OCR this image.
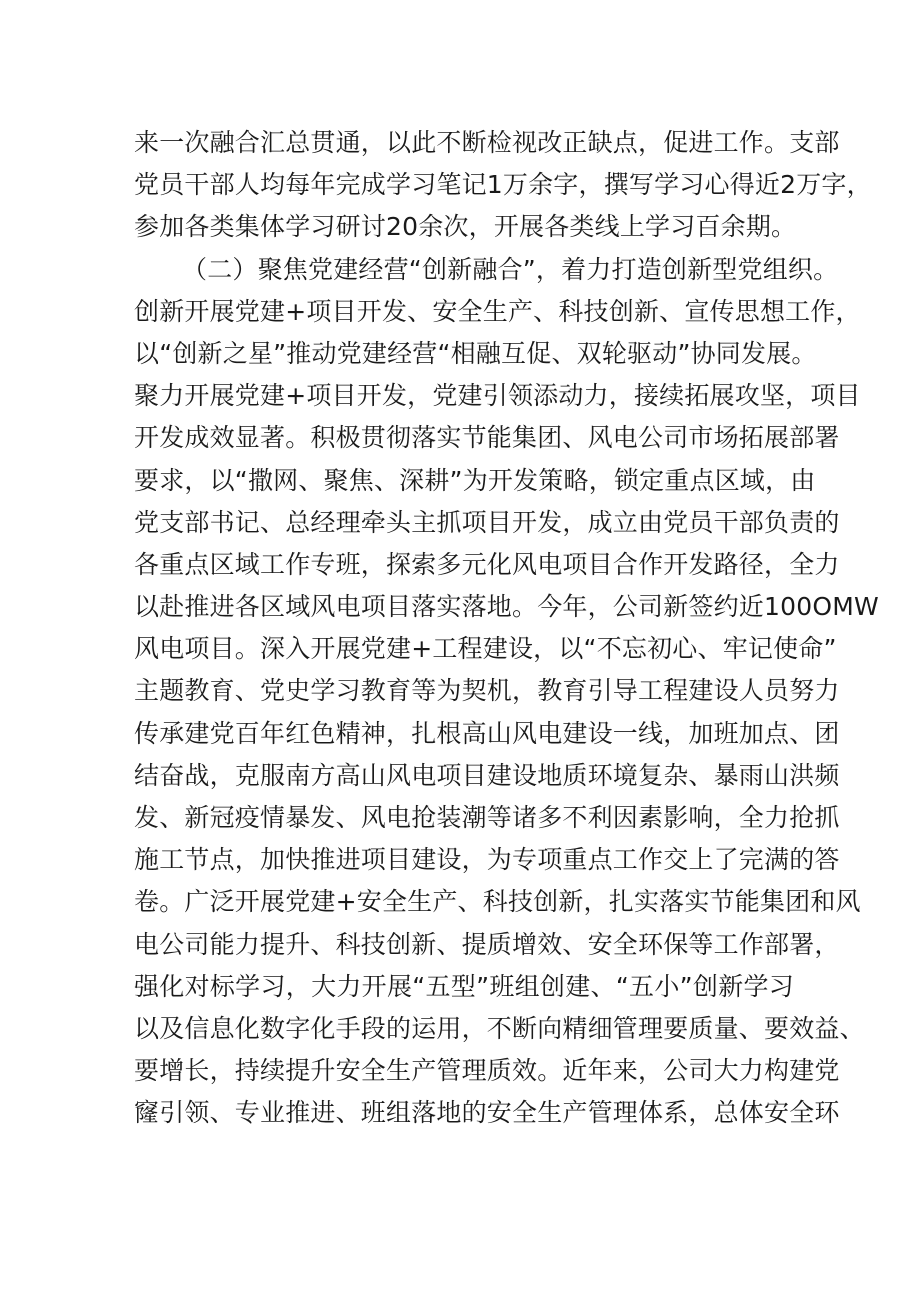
来一次融合汇总贯通，以此不断检视改正缺点，促进工作。支部
党员干部人均每年完成学习笔记1万余字，撰写学习心得近2万字，
参加各类集体学习研讨20余次，开展各类线上学习百余期。
（二）聚焦党建经营“创新融合”，着力打造创新型党组织。
创新开展党建+项目开发、安全生产、科技创新、宣传思想工作，
以“创新之星”推动党建经营“相融互促、双轮驱动”协同发展。
聚力开展党建+项目开发，党建引领添动力，接续拓展攻坚，项目
开发成效显著。积极贯彻落实节能集团、风电公司市场拓展部署
要求，以“撒网、聚焦、深耕”为开发策略，锁定重点区域，由
党支部书记、总经理牵头主抓项目开发，成立由党员干部负责的
各重点区域工作专班，探索多元化风电项目合作开发路径，全力
以赴推进各区域风电项目落实落地。今年，公司新签约近100OMW
风电项目。深入开展党建+工程建设，以“不忘初心、牢记使命”
主题教育、党史学习教育等为契机，教育引导工程建设人员努力
传承建党百年红色精神，扎根高山风电建设一线，加班加点、团
结奋战，克服南方高山风电项目建设地质环境复杂、暴雨山洪频
发、新冠疫情暴发、风电抢装潮等诸多不利因素影响，全力抢抓
施工节点，加快推进项目建设，为专项重点工作交上了完满的答
卷。广泛开展党建+安全生产、科技创新，扎实落实节能集团和风
电公司能力提升、科技创新、提质增效、安全环保等工作部署，
强化对标学习，大力开展“五型”班组创建、“五小”创新学习
以及信息化数字化手段的运用，不断向精细管理要质量、要效益、
要增长，持续提升安全生产管理质效。近年来，公司大力构建党
窿引领、专业推进、班组落地的安全生产管理体系，总体安全环
